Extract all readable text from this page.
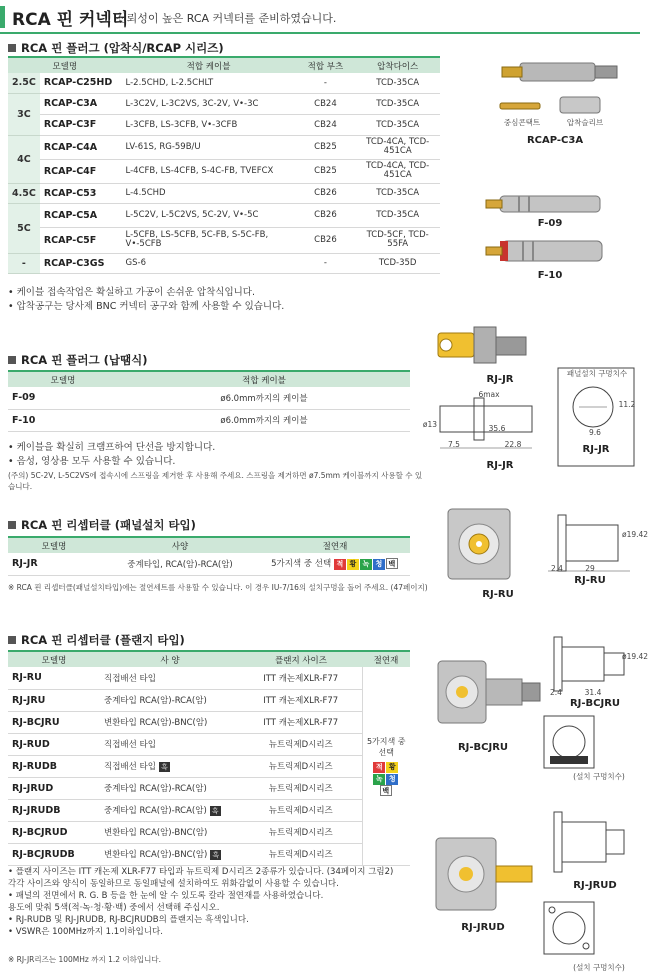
RCA 핀 커넥터
신뢰성이 높은 RCA 커넥터를 준비하였습니다.
RCA 핀 플러그 (압착식/RCAP 시리즈)
모델명		적합 케이블	적합 부츠	압착다이스
2.5C	RCAP-C25HD	L-2.5CHD, L-2.5CHLT	-	TCD-35CA
3C	RCAP-C3A	L-3C2V, L-3C2VS, 3C-2V, V•-3C	CB24	TCD-35CA
	RCAP-C3F	L-3CFB, LS-3CFB, V•-3CFB	CB24	TCD-35CA
4C	RCAP-C4A	LV-61S, RG-59B/U	CB25	TCD-4CA, TCD-451CA
	RCAP-C4F	L-4CFB, LS-4CFB, S-4C-FB, TVEFCX	CB25	TCD-4CA, TCD-451CA
4.5C	RCAP-C53	L-4.5CHD	CB26	TCD-35CA
5C	RCAP-C5A	L-5C2V, L-5C2VS, 5C-2V, V•-5C	CB26	TCD-35CA
	RCAP-C5F	L-5CFB, LS-5CFB, 5C-FB, S-5C-FB, V•-5CFB	CB26	TCD-5CF, TCD-55FA
-	RCAP-C3GS	GS-6	-	TCD-35D
• 케이블 접속작업은 확실하고 가공이 손쉬운 압착식입니다.
• 압착공구는 당사제 BNC 커넥터 공구와 함께 사용할 수 있습니다.
중심콘택트	압착슬리브
RCAP-C3A
F-09
F-10
RCA 핀 플러그 (납땜식)
모델명	적합 케이블
F-09	ø6.0mm까지의 케이블
F-10	ø6.0mm까지의 케이블
• 케이블을 확실히 크램프하여 단선을 방지합니다.
• 음성, 영상용 모두 사용할 수 있습니다.
(주의) 5C-2V, L-5C2VS에 접속시에 스프링을 제거한 후 사용해 주세요. 스프링을 제거하면 ø7.5mm 케이블까지 사용할 수 있습니다.
RJ-JR
6max
ø13	35.6
7.5	22.8
RJ-JR
패널설치 구멍치수
11.2
9.6
RJ-JR
RCA 핀 리셉터클 (패널설치 타입)
모델명	사양	절연재
RJ-JR	중계타입, RCA(암)-RCA(암)	5가지색 중 선택 적 황 녹 청 백
※ RCA 핀 리셉터클(패널설치타입)에는 절연세트를 사용할 수 있습니다. 이 경우 IU-7/16의 설치구멍을 돌어 주세요. (47페이지)
RJ-RU
ø19.42
2.4	29
RJ-RU
RCA 핀 리셉터클 (플랜지 타입)
모델명	사 양	플랜지 사이즈	절연재
RJ-RU	직접배선 타입	ITT 캐논제XLR-F77	5가지색 중 선택
적 황
녹 청
백

RJ-JRU	중계타입 RCA(암)-RCA(암)	ITT 캐논제XLR-F77	
RJ-BCJRU	변환타입 RCA(암)-BNC(암)	ITT 캐논제XLR-F77	
RJ-RUD	직접배선 타입	뉴트릭제D시리즈	
RJ-RUDB	직접배선 타입 흑	뉴트릭제D시리즈	
RJ-JRUD	중계타입 RCA(암)-RCA(암)	뉴트릭제D시리즈	
RJ-JRUDB	중계타입 RCA(암)-RCA(암) 흑	뉴트릭제D시리즈	
RJ-BCJRUD	변환타입 RCA(암)-BNC(암)	뉴트릭제D시리즈	
RJ-BCJRUDB	변환타입 RCA(암)-BNC(암) 흑	뉴트릭제D시리즈	
• 플랜지 사이즈는 ITT 캐논제 XLR-F77 타입과 뉴트릭제 D시리즈 2종류가 있습니다. (34페이지 그림2)
각각 사이즈와 양식이 동일하므로 동일패널에 설치하여도 위화감없이 사용할 수 있습니다.
• 패널의 전면에서 R. G. B 등을 한 눈에 알 수 있도록 칼라 절연재를 사용하였습니다.
용도에 맞춰 5색(적·녹·청·황·백) 중에서 선택해 주십시오.
• RJ-RUDB 및 RJ-JRUDB, RJ-BCJRUDB의 플랜지는 흑색입니다.
• VSWR은 100MHz까지 1.1이하입니다.
※ RJ-JR리즈는 100MHz 까지 1.2 이하입니다.
RJ-BCJRU
ø19.42
2.4	31.4
RJ-BCJRU
(설치 구멍치수)
RJ-JRUD
RJ-JRUD
(설치 구멍치수)
